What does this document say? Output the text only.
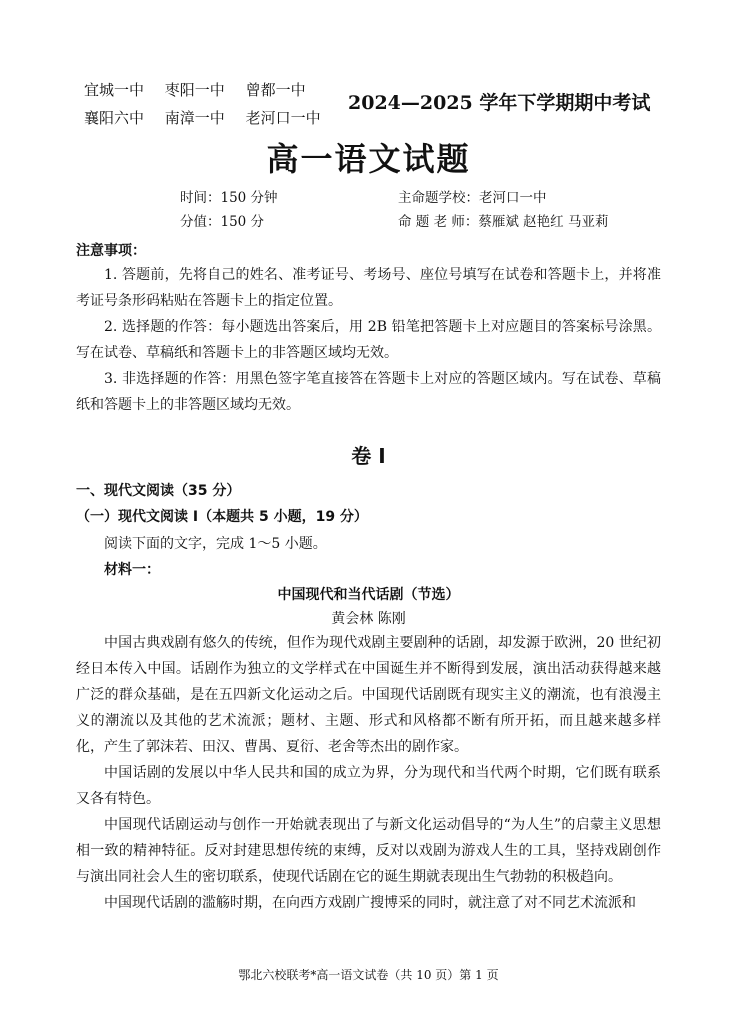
宜城一中 枣阳一中 曾都一中
襄阳六中 南漳一中 老河口一中
2024—2025 学年下学期期中考试
高一语文试题
时间：150 分钟
分值：150 分
主命题学校：老河口一中
命 题 老 师：蔡雁斌 赵艳红 马亚莉
注意事项：

1. 答题前，先将自己的姓名、准考证号、考场号、座位号填写在试卷和答题卡上，并将准考证号条形码粘贴在答题卡上的指定位置。

2. 选择题的作答：每小题选出答案后，用 2B 铅笔把答题卡上对应题目的答案标号涂黑。写在试卷、草稿纸和答题卡上的非答题区域均无效。

3. 非选择题的作答：用黑色签字笔直接答在答题卡上对应的答题区域内。写在试卷、草稿纸和答题卡上的非答题区域均无效。

卷 I
一、现代文阅读（35 分）
（一）现代文阅读 I（本题共 5 小题，19 分）
阅读下面的文字，完成 1～5 小题。
材料一：
中国现代和当代话剧（节选）
黄会林 陈刚

中国古典戏剧有悠久的传统，但作为现代戏剧主要剧种的话剧，却发源于欧洲，20 世纪初经日本传入中国。话剧作为独立的文学样式在中国诞生并不断得到发展，演出活动获得越来越广泛的群众基础，是在五四新文化运动之后。中国现代话剧既有现实主义的潮流，也有浪漫主义的潮流以及其他的艺术流派；题材、主题、形式和风格都不断有所开拓，而且越来越多样化，产生了郭沫若、田汉、曹禺、夏衍、老舍等杰出的剧作家。

中国话剧的发展以中华人民共和国的成立为界，分为现代和当代两个时期，它们既有联系又各有特色。

中国现代话剧运动与创作一开始就表现出了与新文化运动倡导的“为人生”的启蒙主义思想相一致的精神特征。反对封建思想传统的束缚，反对以戏剧为游戏人生的工具，坚持戏剧创作与演出同社会人生的密切联系，使现代话剧在它的诞生期就表现出生气勃勃的积极趋向。

中国现代话剧的滥觞时期，在向西方戏剧广搜博采的同时，就注意了对不同艺术流派和

鄂北六校联考*高一语文试卷（共 10 页）第 1 页
